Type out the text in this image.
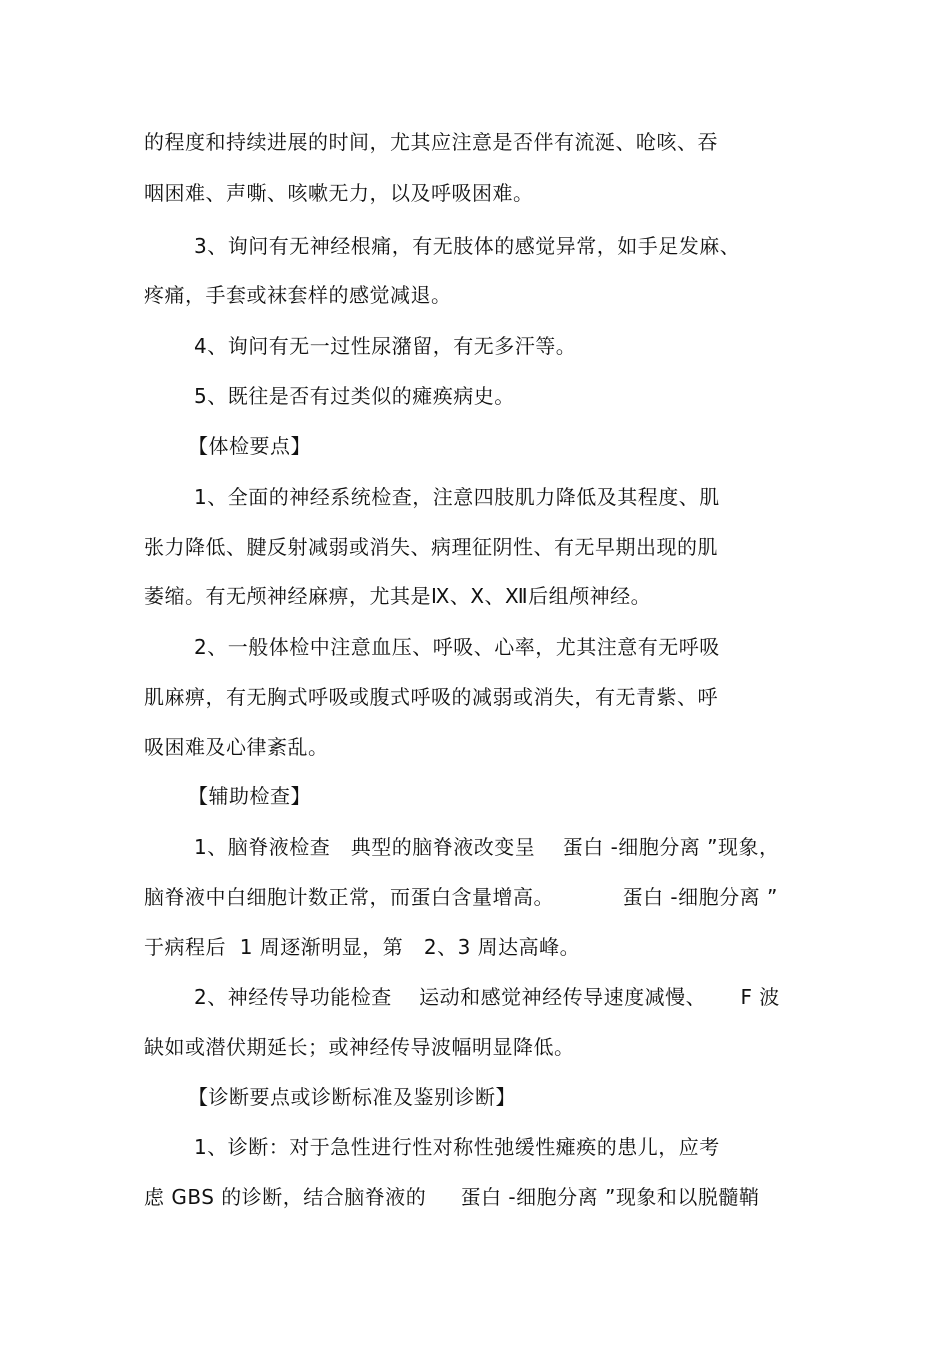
的程度和持续进展的时间，尤其应注意是否伴有流涎、呛咳、吞
咽困难、声嘶、咳嗽无力，以及呼吸困难。
3、询问有无神经根痛，有无肢体的感觉异常，如手足发麻、
疼痛，手套或袜套样的感觉减退。
4、询问有无一过性尿潴留，有无多汗等。
5、既往是否有过类似的瘫痪病史。
【体检要点】
1、全面的神经系统检查，注意四肢肌力降低及其程度、肌
张力降低、腱反射减弱或消失、病理征阴性、有无早期出现的肌
萎缩。有无颅神经麻痹，尤其是Ⅸ、Ⅹ、Ⅻ后组颅神经。
2、一般体检中注意血压、呼吸、心率，尤其注意有无呼吸
肌麻痹，有无胸式呼吸或腹式呼吸的减弱或消失，有无青紫、呼
吸困难及心律紊乱。
【辅助检查】
1、脑脊液检查   典型的脑脊液改变呈    蛋白 -细胞分离 ”现象，
脑脊液中白细胞计数正常，而蛋白含量增高。          蛋白 -细胞分离 ”
于病程后  1 周逐渐明显，第   2、3 周达高峰。
2、神经传导功能检查    运动和感觉神经传导速度减慢、     F 波
缺如或潜伏期延长；或神经传导波幅明显降低。
【诊断要点或诊断标准及鉴别诊断】
1、诊断：对于急性进行性对称性弛缓性瘫痪的患儿，应考
虑 GBS 的诊断，结合脑脊液的     蛋白 -细胞分离 ”现象和以脱髓鞘
